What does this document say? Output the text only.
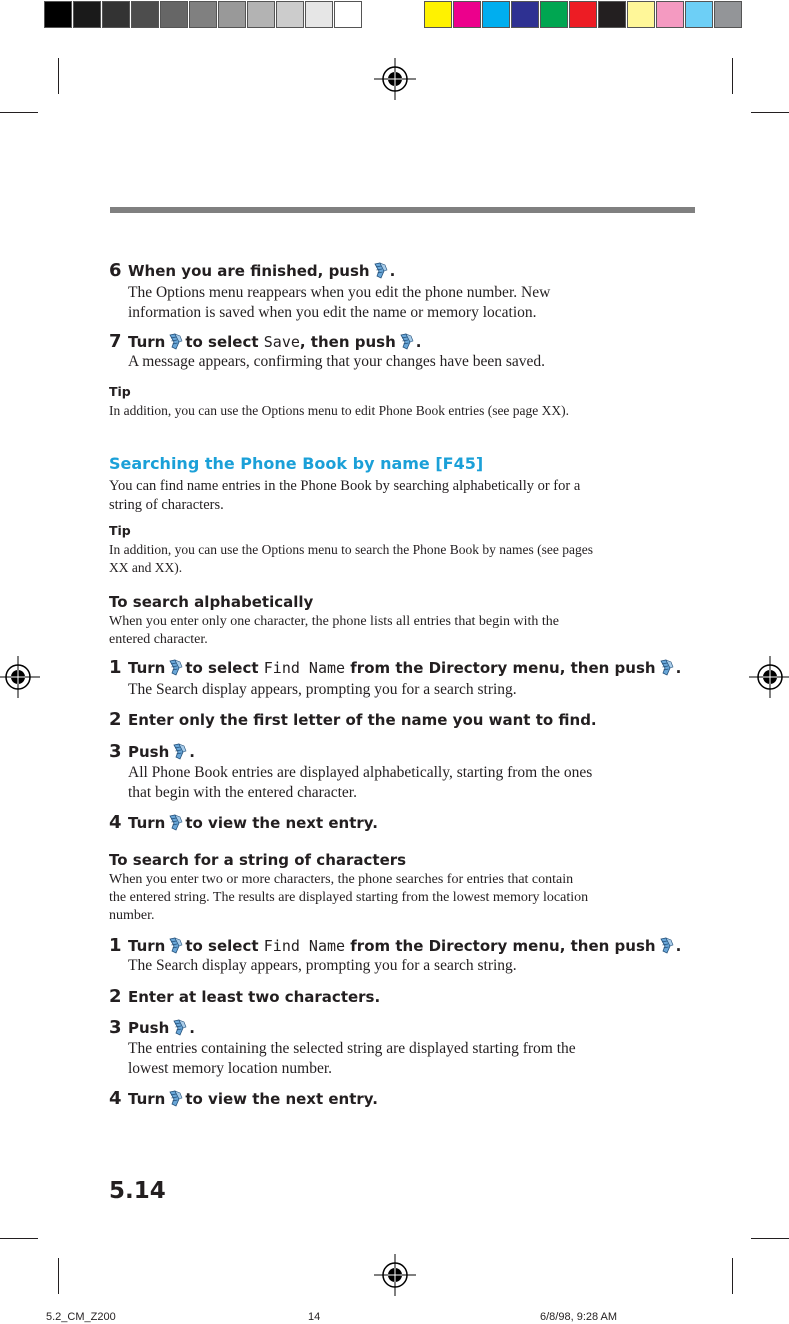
6 When you are finished, push .
The Options menu reappears when you edit the phone number. New
information is saved when you edit the name or memory location.
7 Turn to select Save, then push .
A message appears, confirming that your changes have been saved.
Tip
In addition, you can use the Options menu to edit Phone Book entries (see page XX).
Searching the Phone Book by name [F45]
You can find name entries in the Phone Book by searching alphabetically or for a
string of characters.
Tip
In addition, you can use the Options menu to search the Phone Book by names (see pages
XX and XX).
To search alphabetically
When you enter only one character, the phone lists all entries that begin with the
entered character.
1 Turn to select Find Name from the Directory menu, then push .
The Search display appears, prompting you for a search string.
2 Enter only the first letter of the name you want to find.
3 Push .
All Phone Book entries are displayed alphabetically, starting from the ones
that begin with the entered character.
4 Turn to view the next entry.
To search for a string of characters
When you enter two or more characters, the phone searches for entries that contain
the entered string. The results are displayed starting from the lowest memory location
number.
1 Turn to select Find Name from the Directory menu, then push .
The Search display appears, prompting you for a search string.
2 Enter at least two characters.
3 Push .
The entries containing the selected string are displayed starting from the
lowest memory location number.
4 Turn to view the next entry.
5.14
5.2_CM_Z200	14	6/8/98, 9:28 AM
